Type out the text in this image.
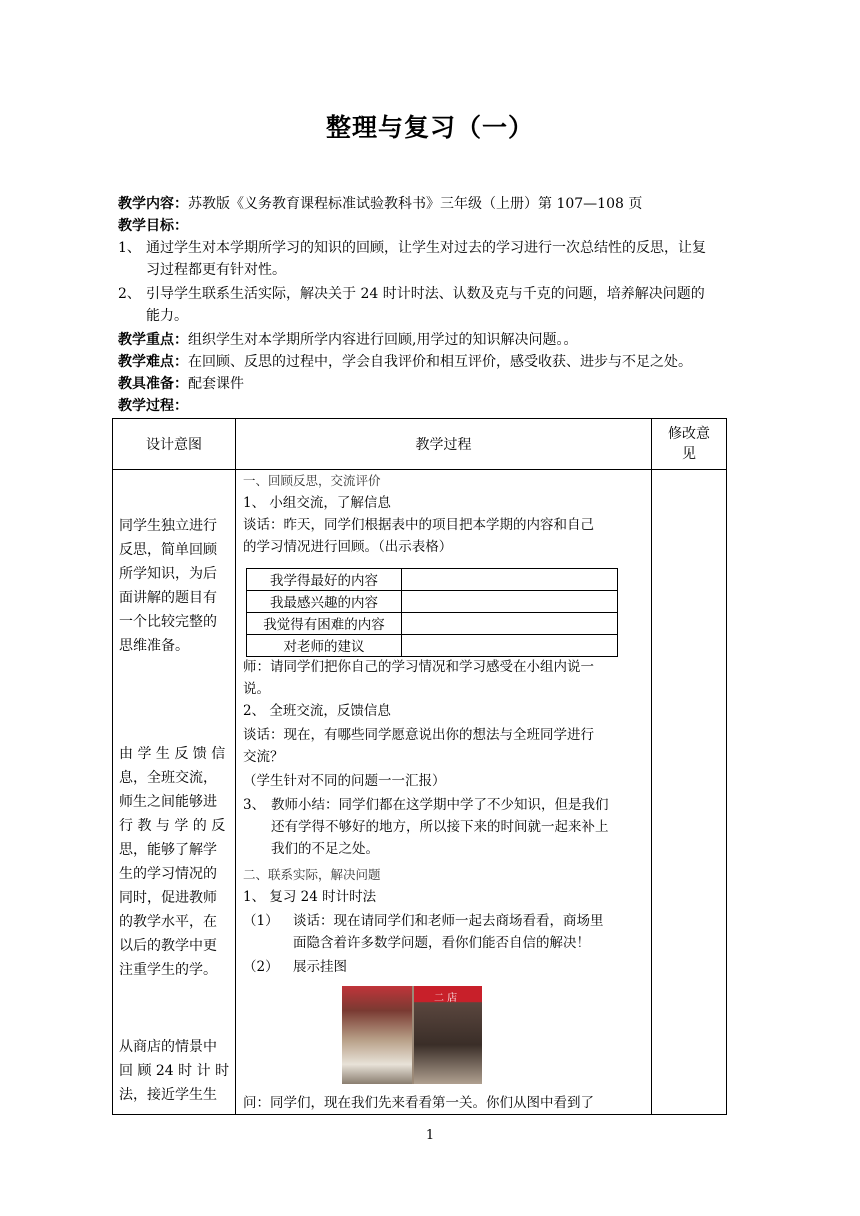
整理与复习（一）
教学内容：苏教版《义务教育课程标准试验教科书》三年级（上册）第 107—108 页
教学目标：
1、 通过学生对本学期所学习的知识的回顾，让学生对过去的学习进行一次总结性的反思，让复
习过程都更有针对性。
2、 引导学生联系生活实际，解决关于 24 时计时法、认数及克与千克的问题，培养解决问题的
能力。
教学重点：组织学生对本学期所学内容进行回顾,用学过的知识解决问题。。
教学难点：在回顾、反思的过程中，学会自我评价和相互评价，感受收获、进步与不足之处。
教具准备：配套课件
教学过程：
设计意图	教学过程	修改意
见

同学生独立进行
反思，简单回顾
所学知识，为后
面讲解的题目有
一个比较完整的
思维准备。
由 学 生 反 馈 信
息，全班交流，
师生之间能够进
行 教 与 学 的 反
思，能够了解学
生的学习情况的
同时，促进教师
的教学水平，在
以后的教学中更
注重学生的学。
从商店的情景中
回 顾 24 时 计 时
法，接近学生生

一、回顾反思，交流评价
1、 小组交流，了解信息
谈话：昨天，同学们根据表中的项目把本学期的内容和自己
的学习情况进行回顾。（出示表格）
我学得最好的内容	
我最感兴趣的内容	
我觉得有困难的内容	
对老师的建议	
师：请同学们把你自己的学习情况和学习感受在小组内说一
说。
2、 全班交流，反馈信息
谈话：现在，有哪些同学愿意说出你的想法与全班同学进行
交流？
（学生针对不同的问题一一汇报）
3、 教师小结：同学们都在这学期中学了不少知识，但是我们
还有学得不够好的地方，所以接下来的时间就一起来补上
我们的不足之处。
二、联系实际，解决问题
1、 复习 24 时计时法
（1）	谈话：现在请同学们和老师一起去商场看看，商场里
面隐含着许多数学问题，看你们能否自信的解决！
（2） 展示挂图
二 店
问：同学们，现在我们先来看看第一关。你们从图中看到了

1
